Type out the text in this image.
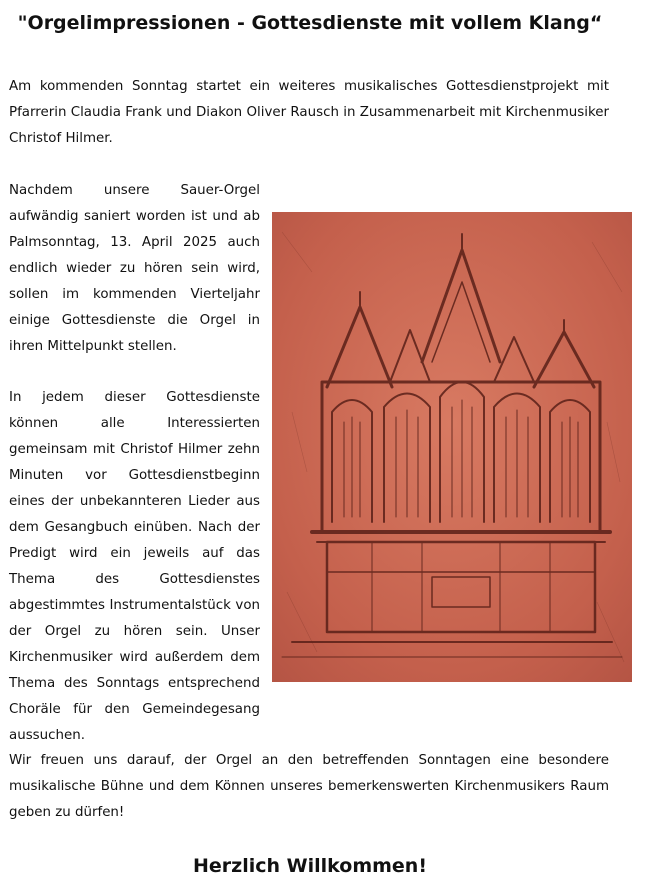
"Orgelimpressionen - Gottesdienste mit vollem Klang“

Am kommenden Sonntag startet ein weiteres musikalisches Gottesdienstprojekt mit Pfarrerin Claudia Frank und Diakon Oliver Rausch in Zusammenarbeit mit Kirchenmusiker Christof Hilmer.

Nachdem unsere Sauer-Orgel aufwändig saniert worden ist und ab Palmsonntag, 13. April 2025 auch endlich wieder zu hören sein wird, sollen im kommenden Vierteljahr einige Gottesdienste die Orgel in ihren Mittelpunkt stellen.

In jedem dieser Gottesdienste können alle Interessierten gemeinsam mit Christof Hilmer zehn Minuten vor Gottesdienstbeginn eines der unbekannteren Lieder aus dem Gesangbuch einüben. Nach der Predigt wird ein jeweils auf das Thema des Gottesdienstes abgestimmtes Instrumentalstück von der Orgel zu hören sein. Unser Kirchenmusiker wird außerdem dem Thema des Sonntags entsprechend Choräle für den Gemeindegesang aussuchen.

Wir freuen uns darauf, der Orgel an den betreffenden Sonntagen eine besondere musikalische Bühne und dem Können unseres bemerkenswerten Kirchenmusikers Raum geben zu dürfen!

Herzlich Willkommen!
